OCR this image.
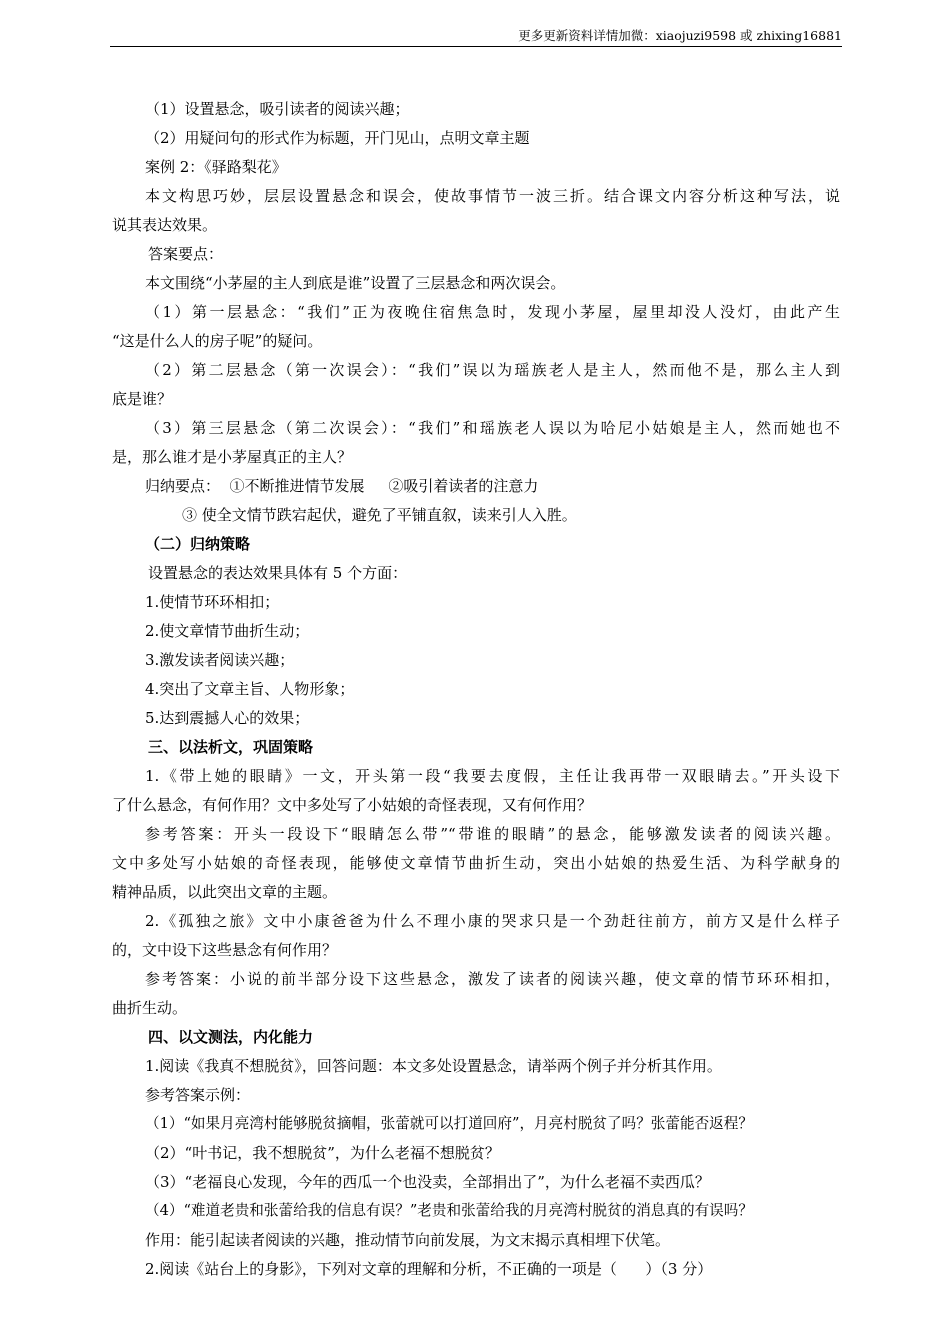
更多更新资料详情加微：xiaojuzi9598 或 zhixing16881
（1）设置悬念，吸引读者的阅读兴趣；
（2）用疑问句的形式作为标题，开门见山，点明文章主题
案例 2：《驿路梨花》
本文构思巧妙，层层设置悬念和误会，使故事情节一波三折。结合课文内容分析这种写法，说
说其表达效果。
答案要点：
本文围绕“小茅屋的主人到底是谁”设置了三层悬念和两次误会。
（1）第一层悬念：“我们”正为夜晚住宿焦急时，发现小茅屋，屋里却没人没灯，由此产生
“这是什么人的房子呢”的疑问。
（2）第二层悬念（第一次误会）：“我们”误以为瑶族老人是主人，然而他不是，那么主人到
底是谁？
（3）第三层悬念（第二次误会）：“我们”和瑶族老人误以为哈尼小姑娘是主人，然而她也不
是，那么谁才是小茅屋真正的主人？
归纳要点：  ①不断推进情节发展     ②吸引着读者的注意力
③ 使全文情节跌宕起伏，避免了平铺直叙，读来引人入胜。
（二）归纳策略
设置悬念的表达效果具体有 5 个方面：
1.使情节环环相扣；
2.使文章情节曲折生动；
3.激发读者阅读兴趣；
4.突出了文章主旨、人物形象；
5.达到震撼人心的效果；
三、以法析文，巩固策略
1.《带上她的眼睛》一文，开头第一段“我要去度假，主任让我再带一双眼睛去。”开头设下
了什么悬念，有何作用？文中多处写了小姑娘的奇怪表现，又有何作用？
参考答案：开头一段设下“眼睛怎么带”“带谁的眼睛”的悬念，能够激发读者的阅读兴趣。
文中多处写小姑娘的奇怪表现，能够使文章情节曲折生动，突出小姑娘的热爱生活、为科学献身的
精神品质，以此突出文章的主题。
2.《孤独之旅》文中小康爸爸为什么不理小康的哭求只是一个劲赶往前方，前方又是什么样子
的，文中设下这些悬念有何作用？
参考答案：小说的前半部分设下这些悬念，激发了读者的阅读兴趣，使文章的情节环环相扣，
曲折生动。
四、以文测法，内化能力
1.阅读《我真不想脱贫》，回答问题：本文多处设置悬念，请举两个例子并分析其作用。
参考答案示例：
（1）“如果月亮湾村能够脱贫摘帽，张蕾就可以打道回府”，月亮村脱贫了吗？张蕾能否返程？
（2）“叶书记，我不想脱贫”，为什么老福不想脱贫？
（3）“老福良心发现，今年的西瓜一个也没卖，全部捐出了”，为什么老福不卖西瓜？
（4）“难道老贵和张蕾给我的信息有误？”老贵和张蕾给我的月亮湾村脱贫的消息真的有误吗？
作用：能引起读者阅读的兴趣，推动情节向前发展，为文末揭示真相埋下伏笔。
2.阅读《站台上的身影》，下列对文章的理解和分析，不正确的一项是（      ）（3 分）
